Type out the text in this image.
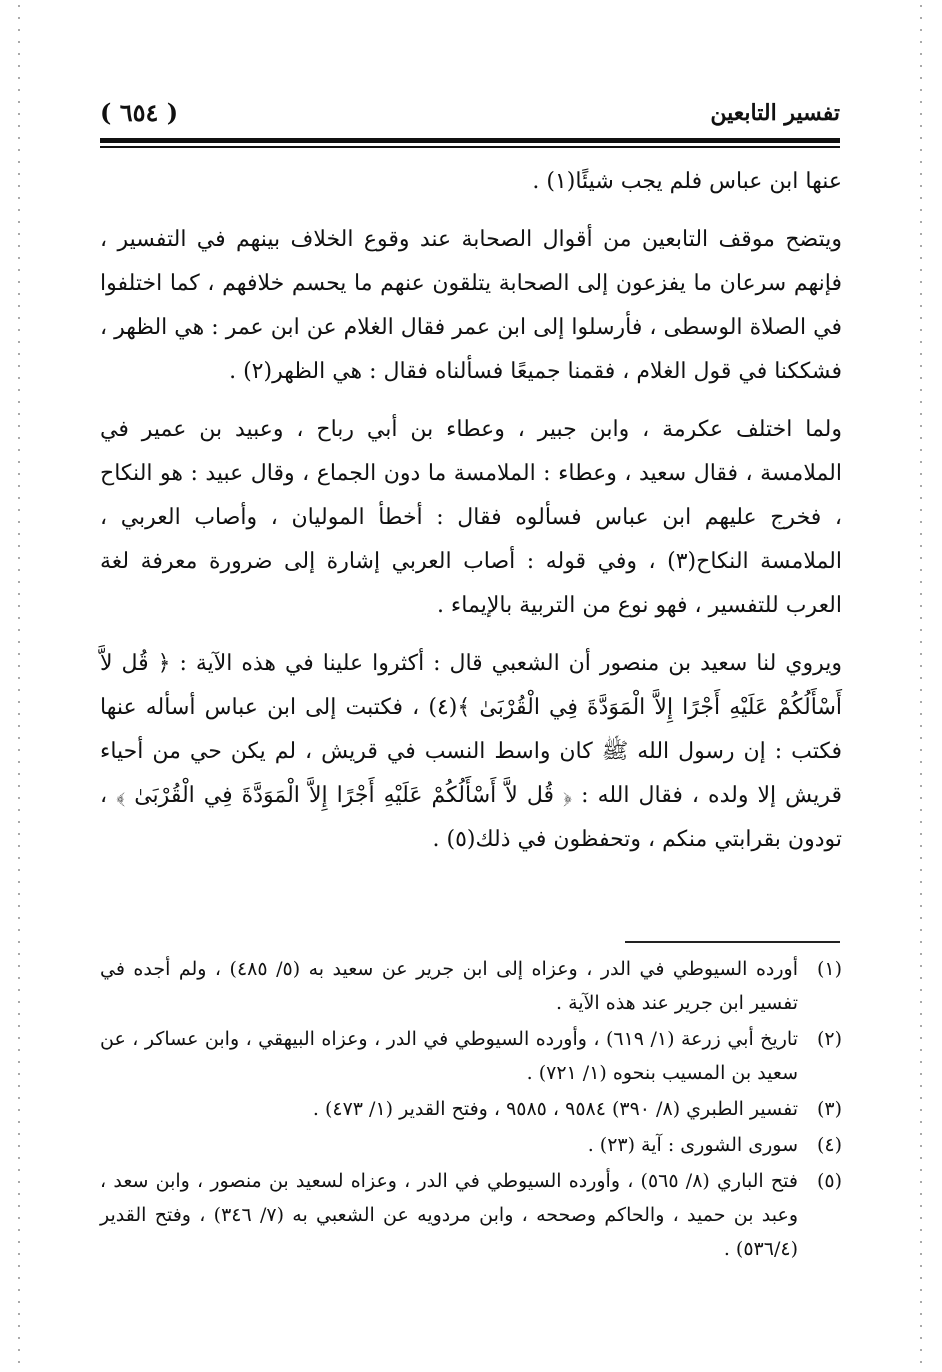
( ٦٥٤ )	تفسير التابعين

عنها ابن عباس فلم يجب شيئًا(١) .

ويتضح موقف التابعين من أقوال الصحابة عند وقوع الخلاف بينهم في التفسير ، فإنهم سرعان ما يفزعون إلى الصحابة يتلقون عنهم ما يحسم خلافهم ، كما اختلفوا في الصلاة الوسطى ، فأرسلوا إلى ابن عمر فقال الغلام عن ابن عمر : هي الظهر ، فشككنا في قول الغلام ، فقمنا جميعًا فسألناه فقال : هي الظهر(٢) .

ولما اختلف عكرمة ، وابن جبير ، وعطاء بن أبي رباح ، وعبيد بن عمير في الملامسة ، فقال سعيد ، وعطاء : الملامسة ما دون الجماع ، وقال عبيد : هو النكاح ، فخرج عليهم ابن عباس فسألوه فقال : أخطأ الموليان ، وأصاب العربي ، الملامسة النكاح(٣) ، وفي قوله : أصاب العربي إشارة إلى ضرورة معرفة لغة العرب للتفسير ، فهو نوع من التربية بالإيماء .

ويروي لنا سعيد بن منصور أن الشعبي قال : أكثروا علينا في هذه الآية : ﴿ قُل لاَّ أَسْأَلُكُمْ عَلَيْهِ أَجْرًا إِلاَّ الْمَوَدَّةَ فِي الْقُرْبَىٰ ﴾(٤) ، فكتبت إلى ابن عباس أسأله عنها فكتب : إن رسول الله ﷺ كان واسط النسب في قريش ، لم يكن حي من أحياء قريش إلا ولده ، فقال الله : ﴿ قُل لاَّ أَسْأَلُكُمْ عَلَيْهِ أَجْرًا إِلاَّ الْمَوَدَّةَ فِي الْقُرْبَىٰ ﴾ ، تودون بقرابتي منكم ، وتحفظون في ذلك(٥) .

(١)
أورده السيوطي في الدر ، وعزاه إلى ابن جرير عن سعيد به (٥/ ٤٨٥) ، ولم أجده في تفسير ابن جرير عند هذه الآية .
(٢)
تاريخ أبي زرعة (١/ ٦١٩) ، وأورده السيوطي في الدر ، وعزاه البيهقي ، وابن عساكر ، عن سعيد بن المسيب بنحوه (١/ ٧٢١) .
(٣)
تفسير الطبري (٨/ ٣٩٠) ٩٥٨٤ ، ٩٥٨٥ ، وفتح القدير (١/ ٤٧٣) .
(٤)
سورى الشورى : آية (٢٣) .
(٥)
فتح الباري (٨/ ٥٦٥) ، وأورده السيوطي في الدر ، وعزاه لسعيد بن منصور ، وابن سعد ، وعبد بن حميد ، والحاكم وصححه ، وابن مردويه عن الشعبي به (٧/ ٣٤٦) ، وفتح القدير (٥٣٦/٤) .
